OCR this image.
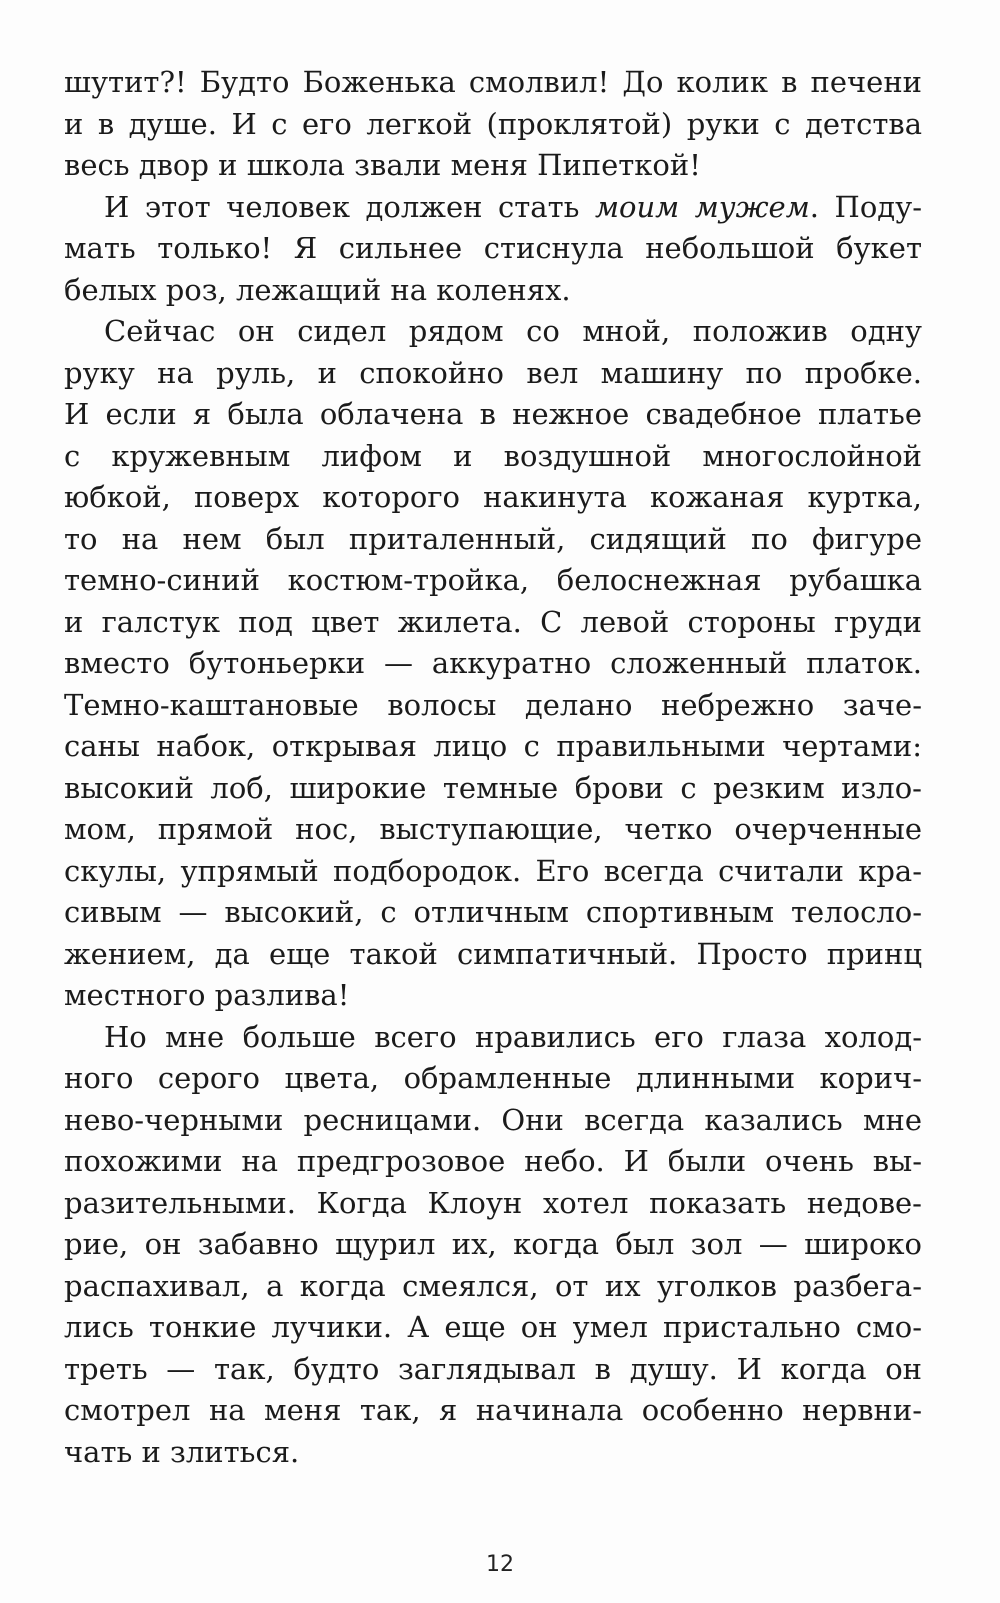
шутит?! Будто Боженька смолвил! До колик в печени
и в душе. И с его легкой (проклятой) руки с детства
весь двор и школа звали меня Пипеткой!
И этот человек должен стать моим мужем. Поду-
мать только! Я сильнее стиснула небольшой букет
белых роз, лежащий на коленях.
Сейчас он сидел рядом со мной, положив одну
руку на руль, и спокойно вел машину по пробке.
И если я была облачена в нежное свадебное платье
с кружевным лифом и воздушной многослойной
юбкой, поверх которого накинута кожаная куртка,
то на нем был приталенный, сидящий по фигуре
темно-синий костюм-тройка, белоснежная рубашка
и галстук под цвет жилета. С левой стороны груди
вместо бутоньерки — аккуратно сложенный платок.
Темно-каштановые волосы делано небрежно заче-
саны набок, открывая лицо с правильными чертами:
высокий лоб, широкие темные брови с резким изло-
мом, прямой нос, выступающие, четко очерченные
скулы, упрямый подбородок. Его всегда считали кра-
сивым — высокий, с отличным спортивным телосло-
жением, да еще такой симпатичный. Просто принц
местного разлива!
Но мне больше всего нравились его глаза холод-
ного серого цвета, обрамленные длинными корич-
нево-черными ресницами. Они всегда казались мне
похожими на предгрозовое небо. И были очень вы-
разительными. Когда Клоун хотел показать недове-
рие, он забавно щурил их, когда был зол — широко
распахивал, а когда смеялся, от их уголков разбега-
лись тонкие лучики. А еще он умел пристально смо-
треть — так, будто заглядывал в душу. И когда он
смотрел на меня так, я начинала особенно нервни-
чать и злиться.
12
